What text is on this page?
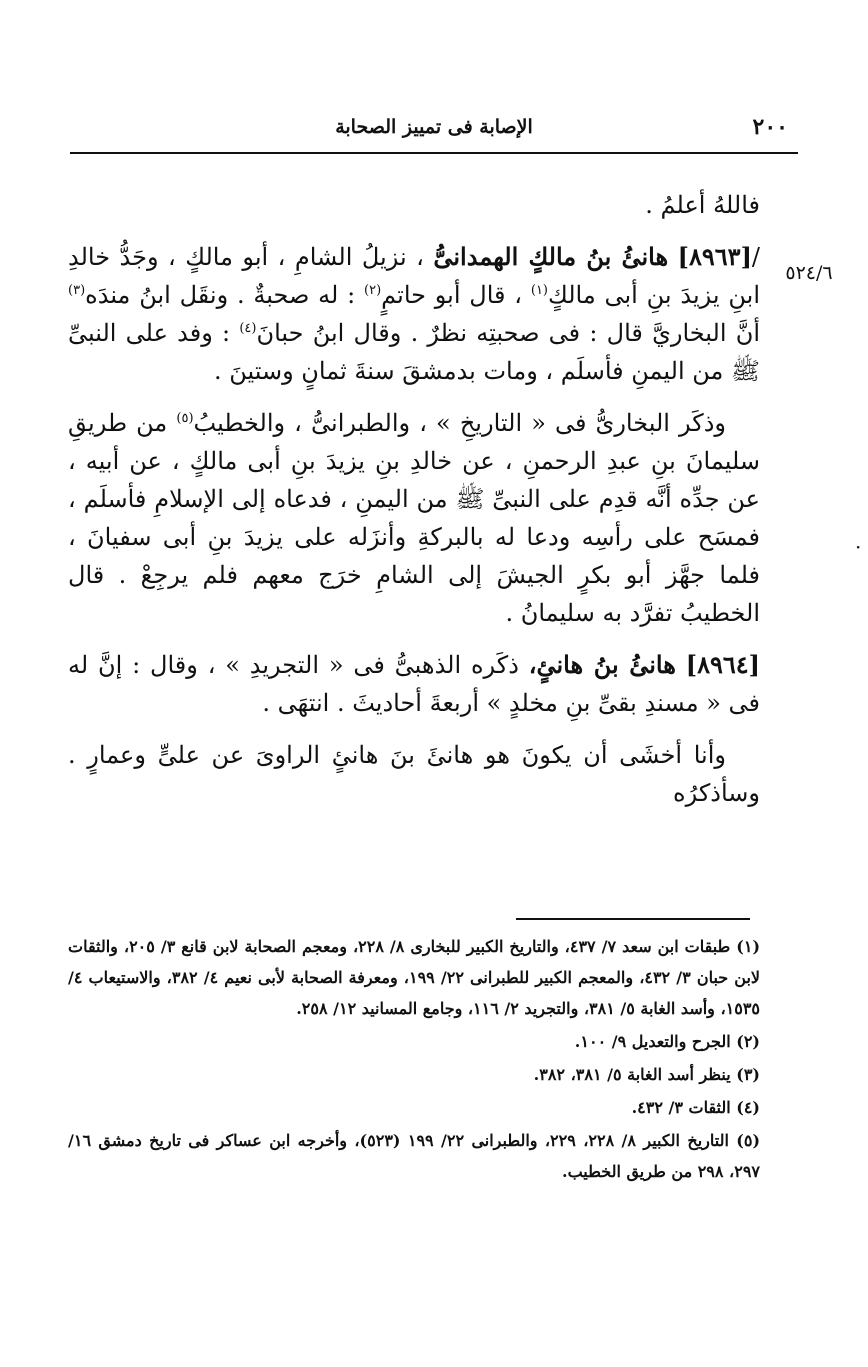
٢٠٠
الإصابة فى تمييز الصحابة
٥٢٤/٦
·

فاللهُ أعلمُ .

/[٨٩٦٣] هانئُ بنُ مالكٍ الهمدانىُّ ، نزيلُ الشامِ ، أبو مالكٍ ، وجَدُّ خالدِ ابنِ يزيدَ بنِ أبى مالكٍ$^{(١)}$ ، قال أبو حاتمٍ$^{(٢)}$ : له صحبةٌ . ونقَل ابنُ مندَه$^{(٣)}$ أنَّ البخاريَّ قال : فى صحبتِه نظرٌ . وقال ابنُ حبانَ$^{(٤)}$ : وفد على النبىِّ ﷺ من اليمنِ فأسلَم ، ومات بدمشقَ سنةَ ثمانٍ وستينَ .

وذكَر البخارىُّ فى « التاريخِ » ، والطبرانىُّ ، والخطيبُ$^{(٥)}$ من طريقِ سليمانَ بنِ عبدِ الرحمنِ ، عن خالدِ بنِ يزيدَ بنِ أبى مالكٍ ، عن أبيه ، عن جدِّه أنَّه قدِم على النبىِّ ﷺ من اليمنِ ، فدعاه إلى الإسلامِ فأسلَم ، فمسَح على رأسِه ودعا له بالبركةِ وأنزَله على يزيدَ بنِ أبى سفيانَ ، فلما جهَّز أبو بكرٍ الجيشَ إلى الشامِ خرَج معهم فلم يرجِعْ . قال الخطيبُ تفرَّد به سليمانُ .

[٨٩٦٤] هانئُ بنُ هانئٍ، ذكَره الذهبىُّ فى « التجريدِ » ، وقال : إنَّ له فى « مسندِ بقىِّ بنِ مخلدٍ » أربعةَ أحاديثَ . انتهَى .

وأنا أخشَى أن يكونَ هو هانئَ بنَ هانئٍ الراوىَ عن علىٍّ وعمارٍ . وسأذكرُه

(١) طبقات ابن سعد ٧/ ٤٣٧، والتاريخ الكبير للبخارى ٨/ ٢٢٨، ومعجم الصحابة لابن قانع ٣/ ٢٠٥، والثقات لابن حبان ٣/ ٤٣٢، والمعجم الكبير للطبرانى ٢٢/ ١٩٩، ومعرفة الصحابة لأبى نعيم ٤/ ٣٨٢، والاستيعاب ٤/ ١٥٣٥، وأسد الغابة ٥/ ٣٨١، والتجريد ٢/ ١١٦، وجامع المسانيد ١٢/ ٢٥٨.

(٢) الجرح والتعديل ٩/ ١٠٠.

(٣) ينظر أسد الغابة ٥/ ٣٨١، ٣٨٢.

(٤) الثقات ٣/ ٤٣٢.

(٥) التاريخ الكبير ٨/ ٢٢٨، ٢٢٩، والطبرانى ٢٢/ ١٩٩ (٥٢٣)، وأخرجه ابن عساكر فى تاريخ دمشق ١٦/ ٢٩٧، ٢٩٨ من طريق الخطيب.
